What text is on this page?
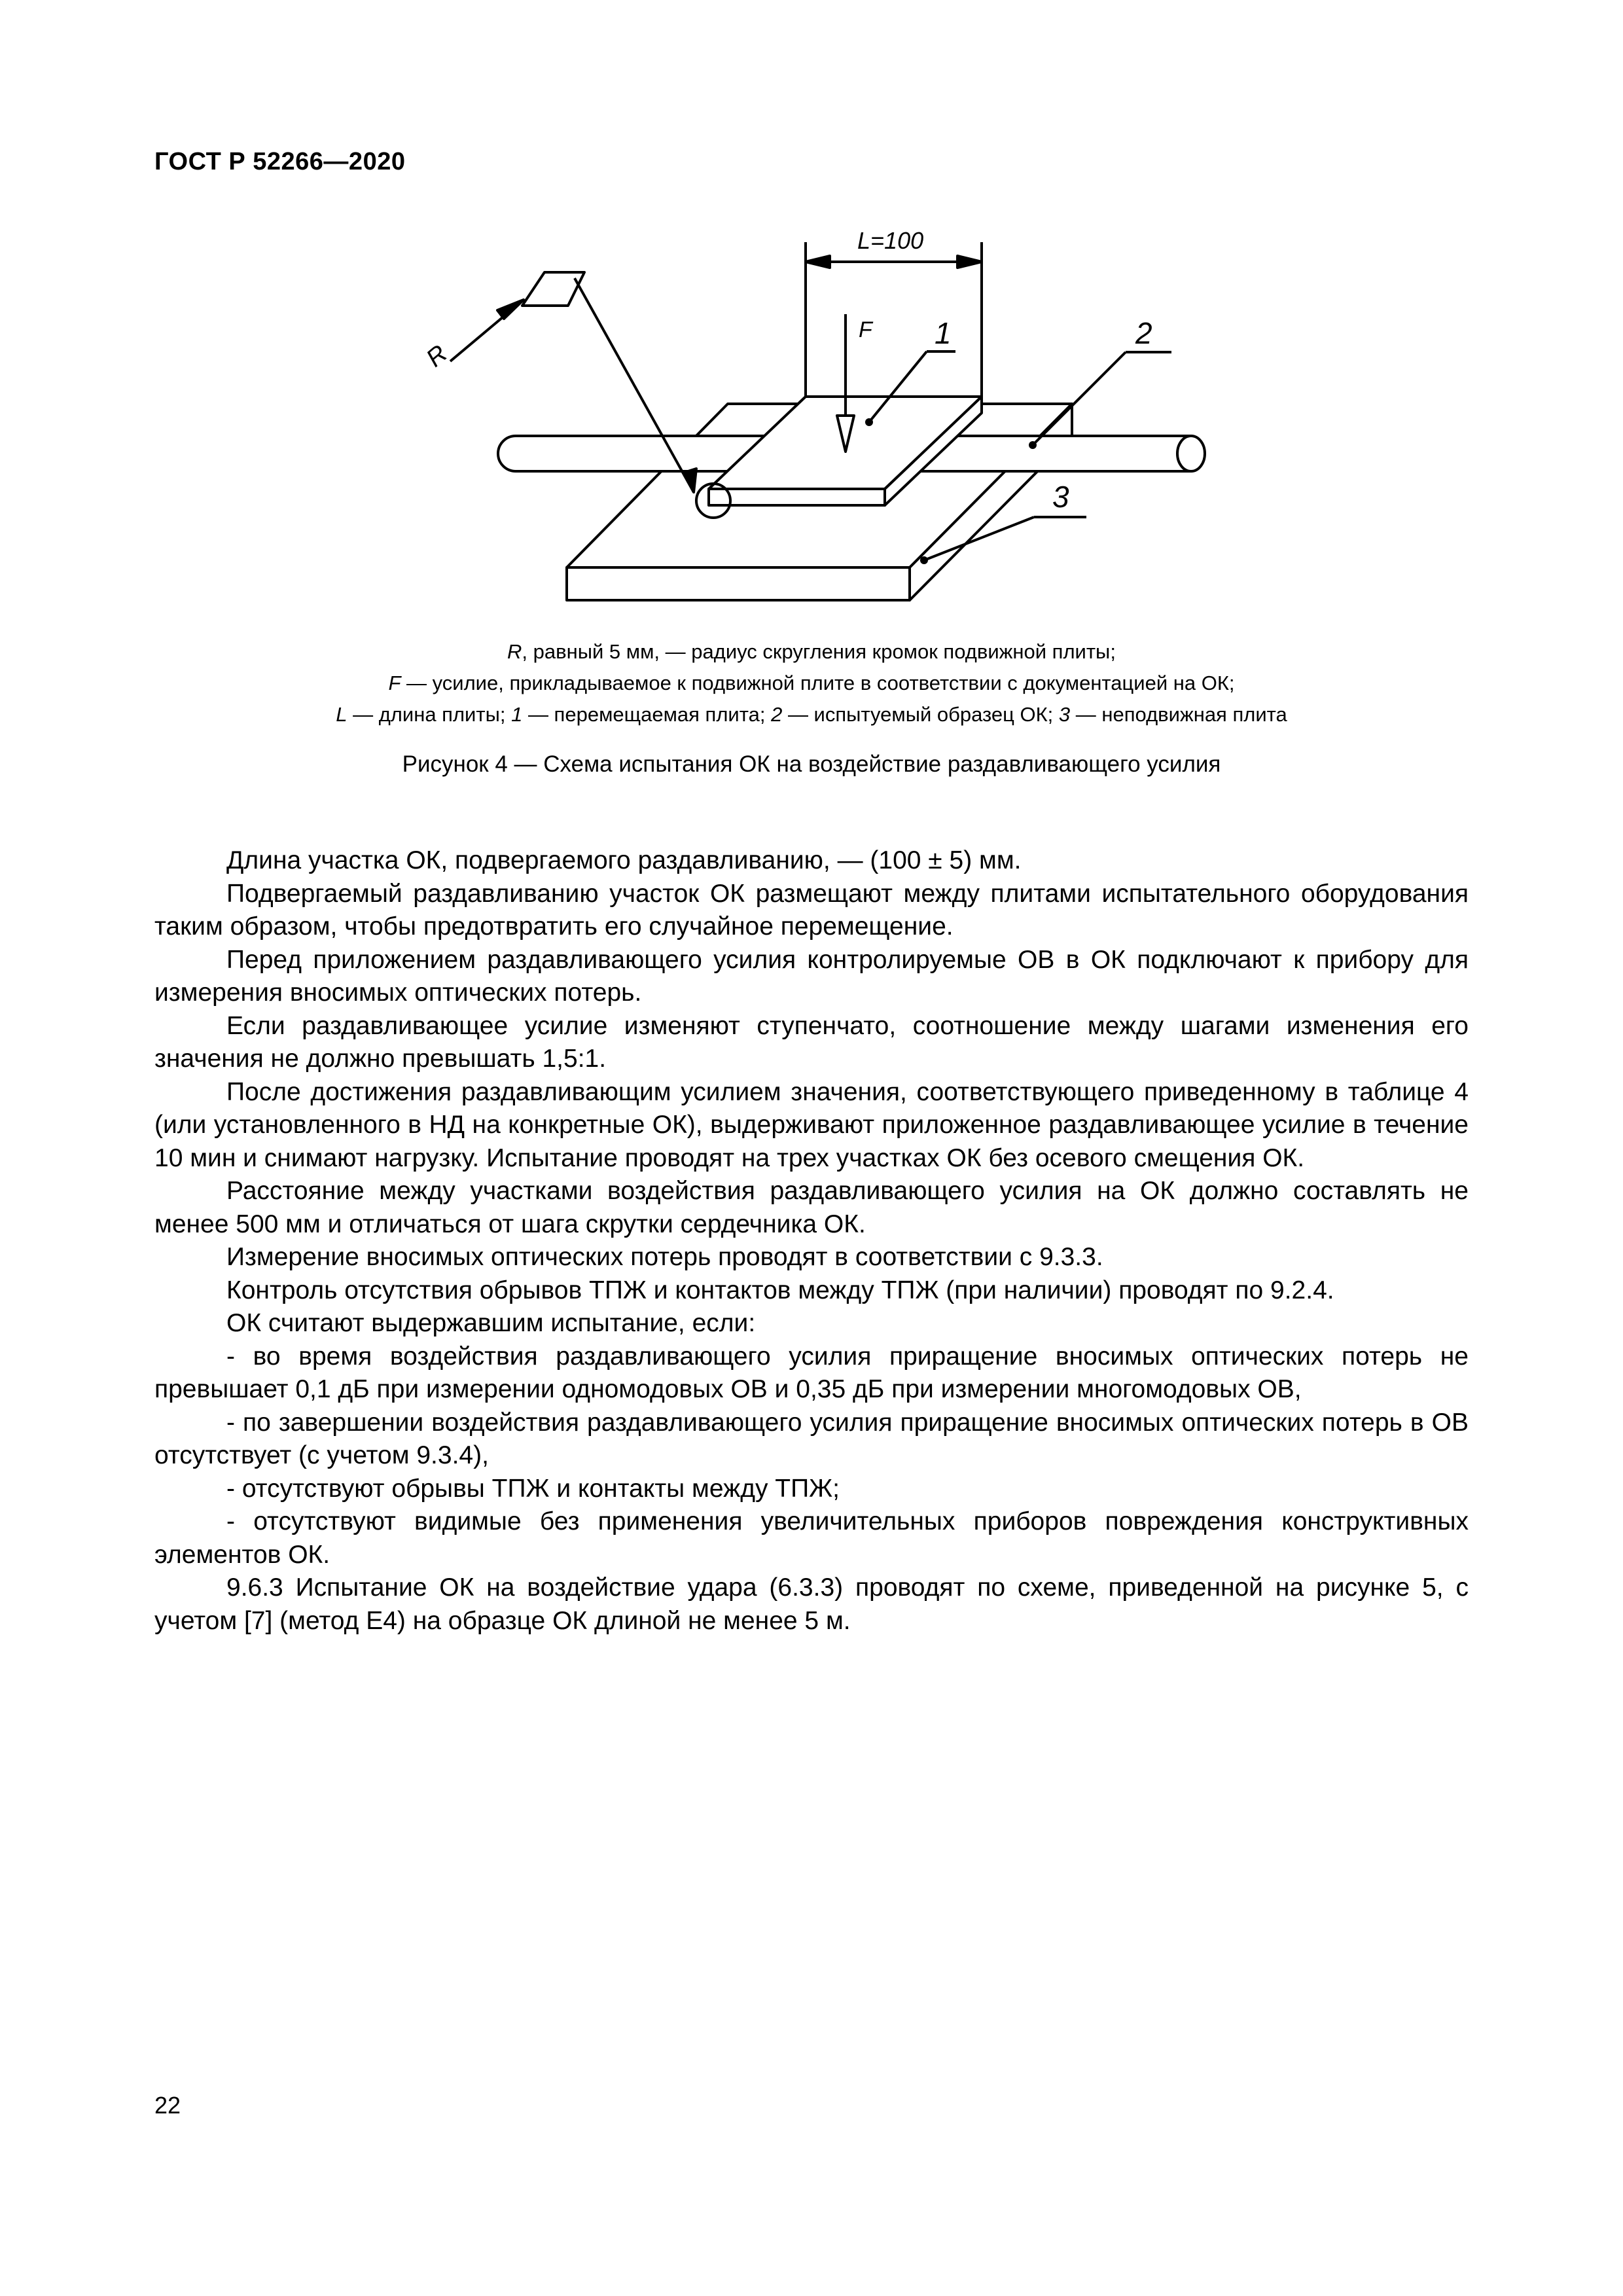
ГОСТ Р 52266—2020
L=100
R
F 1	2
3
R, равный 5 мм, — радиус скругления кромок подвижной плиты;
F — усилие, прикладываемое к подвижной плите в соответствии с документацией на ОК;
L — длина плиты; 1 — перемещаемая плита; 2 — испытуемый образец ОК; 3 — неподвижная плита
Рисунок 4 — Схема испытания ОК на воздействие раздавливающего усилия

Длина участка ОК, подвергаемого раздавливанию, — (100 ± 5) мм.

Подвергаемый раздавливанию участок ОК размещают между плитами испытательного оборудования таким образом, чтобы предотвратить его случайное перемещение.

Перед приложением раздавливающего усилия контролируемые ОВ в ОК подключают к прибору для измерения вносимых оптических потерь.

Если раздавливающее усилие изменяют ступенчато, соотношение между шагами изменения его значения не должно превышать 1,5:1.

После достижения раздавливающим усилием значения, соответствующего приведенному в таблице 4 (или установленного в НД на конкретные ОК), выдерживают приложенное раздавливающее усилие в течение 10 мин и снимают нагрузку. Испытание проводят на трех участках ОК без осевого смещения ОК.

Расстояние между участками воздействия раздавливающего усилия на ОК должно составлять не менее 500 мм и отличаться от шага скрутки сердечника ОК.

Измерение вносимых оптических потерь проводят в соответствии с 9.3.3.

Контроль отсутствия обрывов ТПЖ и контактов между ТПЖ (при наличии) проводят по 9.2.4.

ОК считают выдержавшим испытание, если:

- во время воздействия раздавливающего усилия приращение вносимых оптических потерь не превышает 0,1 дБ при измерении одномодовых ОВ и 0,35 дБ при измерении многомодовых ОВ,

- по завершении воздействия раздавливающего усилия приращение вносимых оптических потерь в ОВ отсутствует (с учетом 9.3.4),

- отсутствуют обрывы ТПЖ и контакты между ТПЖ;

- отсутствуют видимые без применения увеличительных приборов повреждения конструктивных элементов ОК.

9.6.3 Испытание ОК на воздействие удара (6.3.3) проводят по схеме, приведенной на рисунке 5, с учетом [7] (метод Е4) на образце ОК длиной не менее 5 м.

22
